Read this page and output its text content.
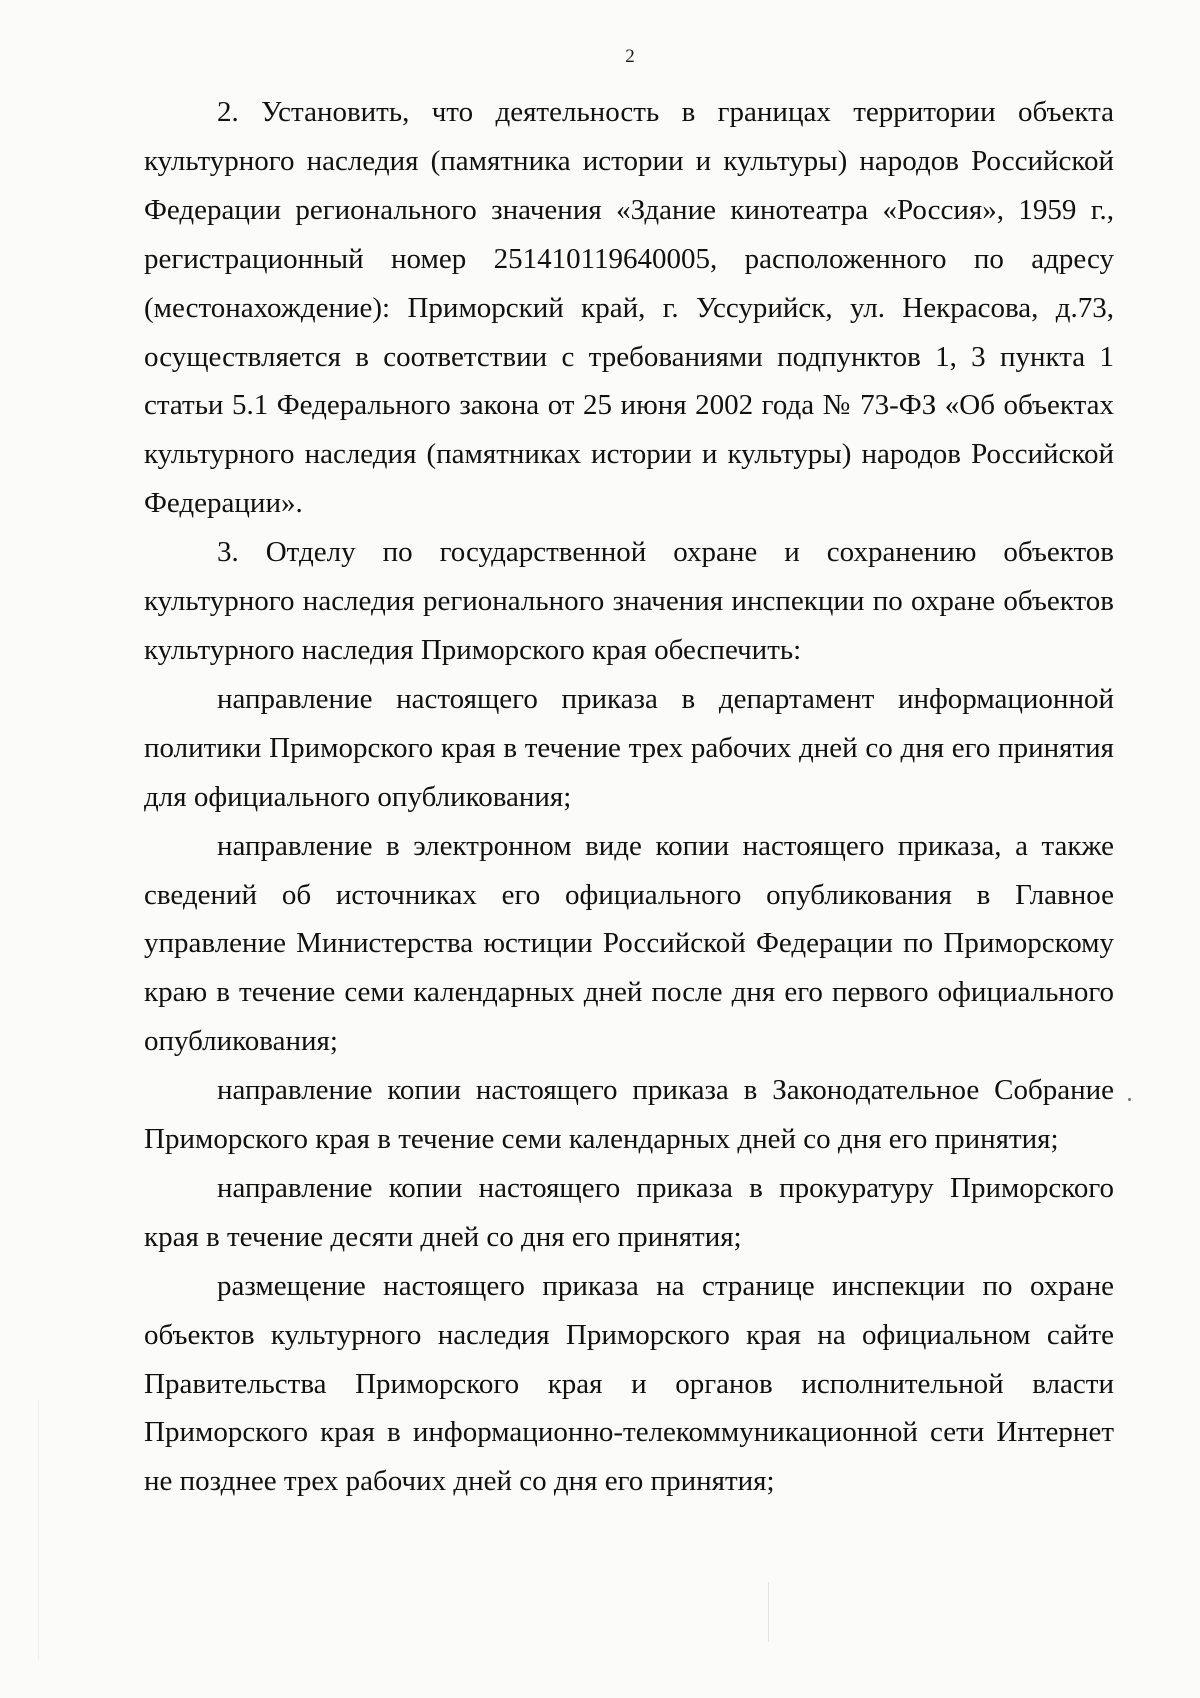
2

2. Установить, что деятельность в границах территории объекта культурного наследия (памятника истории и культуры) народов Российской Федерации регионального значения «Здание кинотеатра «Россия», 1959 г., регистрационный номер 251410119640005, расположенного по адресу (местонахождение): Приморский край, г. Уссурийск, ул. Некрасова, д.73, осуществляется в соответствии с требованиями подпунктов 1, 3 пункта 1 статьи 5.1 Федерального закона от 25 июня 2002 года № 73-ФЗ «Об объектах культурного наследия (памятниках истории и культуры) народов Российской Федерации».

3. Отделу по государственной охране и сохранению объектов культурного наследия регионального значения инспекции по охране объектов культурного наследия Приморского края обеспечить:

направление настоящего приказа в департамент информационной политики Приморского края в течение трех рабочих дней со дня его принятия для официального опубликования;

направление в электронном виде копии настоящего приказа, а также сведений об источниках его официального опубликования в Главное управление Министерства юстиции Российской Федерации по Приморскому краю в течение семи календарных дней после дня его первого официального опубликования;

направление копии настоящего приказа в Законодательное Собрание Приморского края в течение семи календарных дней со дня его принятия;

направление копии настоящего приказа в прокуратуру Приморского края в течение десяти дней со дня его принятия;

размещение настоящего приказа на странице инспекции по охране объектов культурного наследия Приморского края на официальном сайте Правительства Приморского края и органов исполнительной власти Приморского края в информационно-телекоммуникационной сети Интернет не позднее трех рабочих дней со дня его принятия;
